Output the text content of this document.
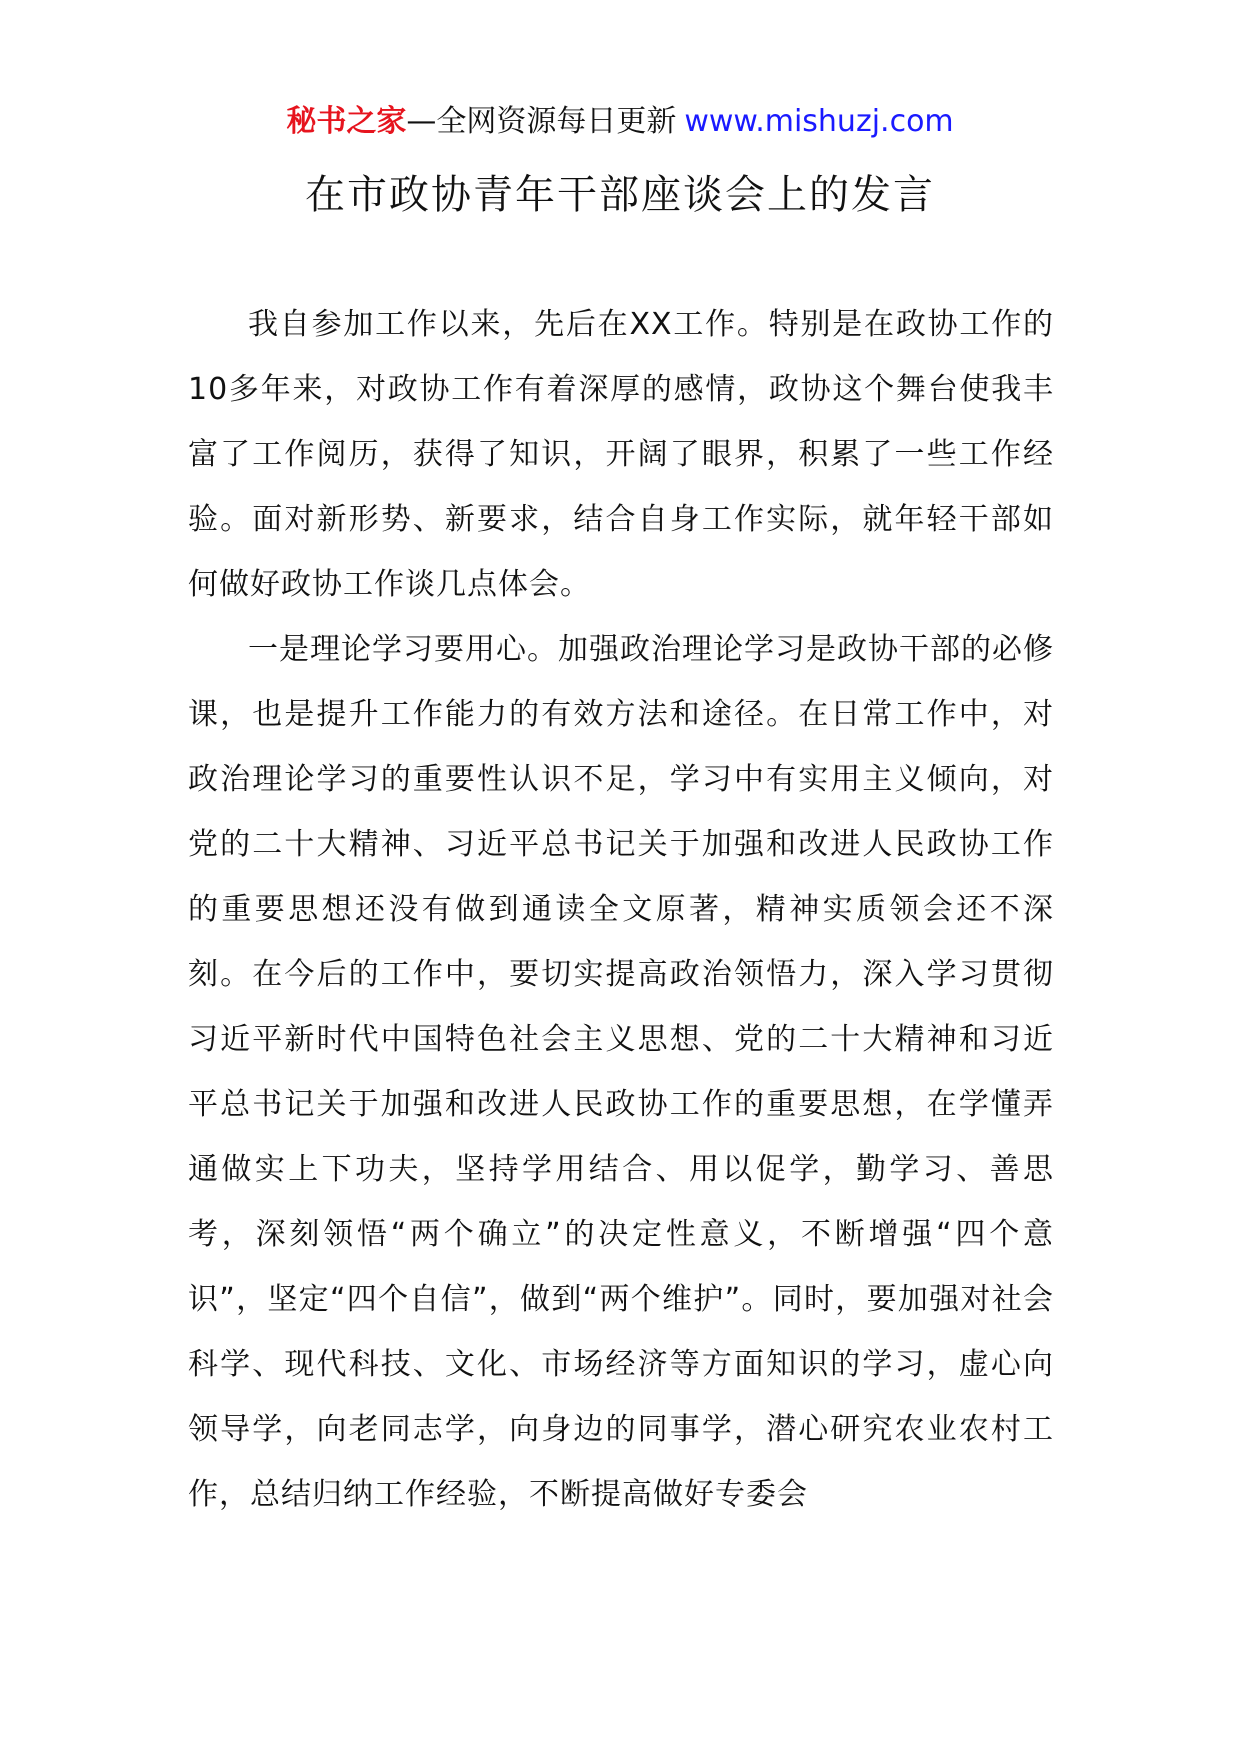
秘书之家—全网资源每日更新 www.mishuzj.com
在市政协青年干部座谈会上的发言

我自参加工作以来，先后在XX工作。特别是在政协工作的10多年来，对政协工作有着深厚的感情，政协这个舞台使我丰富了工作阅历，获得了知识，开阔了眼界，积累了一些工作经验。面对新形势、新要求，结合自身工作实际，就年轻干部如何做好政协工作谈几点体会。

一是理论学习要用心。加强政治理论学习是政协干部的必修课，也是提升工作能力的有效方法和途径。在日常工作中，对政治理论学习的重要性认识不足，学习中有实用主义倾向，对党的二十大精神、习近平总书记关于加强和改进人民政协工作的重要思想还没有做到通读全文原著，精神实质领会还不深刻。在今后的工作中，要切实提高政治领悟力，深入学习贯彻习近平新时代中国特色社会主义思想、党的二十大精神和习近平总书记关于加强和改进人民政协工作的重要思想，在学懂弄通做实上下功夫，坚持学用结合、用以促学，勤学习、善思考，深刻领悟“两个确立”的决定性意义，不断增强“四个意识”，坚定“四个自信”，做到“两个维护”。同时，要加强对社会科学、现代科技、文化、市场经济等方面知识的学习，虚心向领导学，向老同志学，向身边的同事学，潜心研究农业农村工作，总结归纳工作经验，不断提高做好专委会
